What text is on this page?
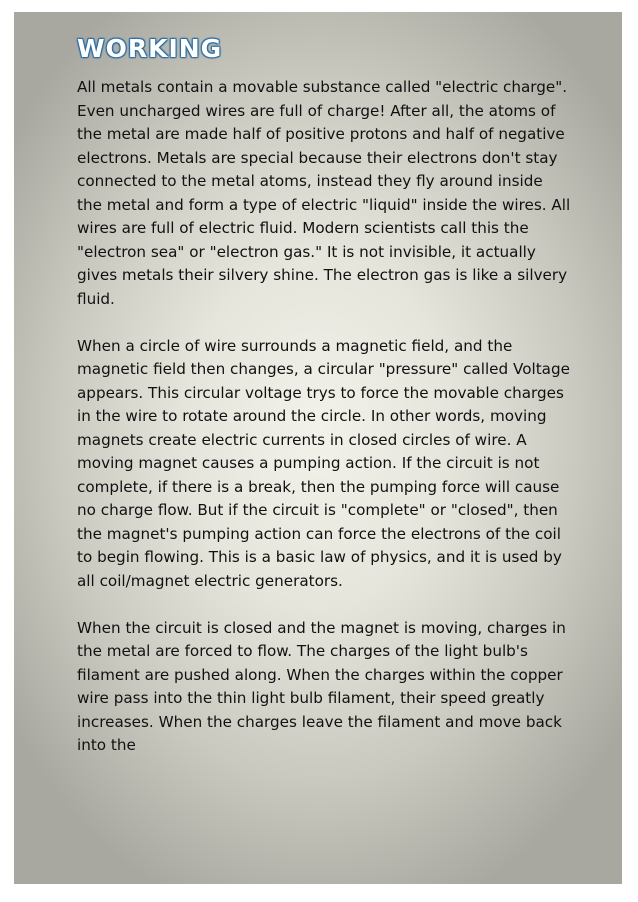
WORKING

All metals contain a movable substance called "electric charge". Even uncharged wires are full of charge! After all, the atoms of the metal are made half of positive protons and half of negative electrons. Metals are special because their electrons don't stay connected to the metal atoms, instead they fly around inside the metal and form a type of electric "liquid" inside the wires. All wires are full of electric fluid. Modern scientists call this the "electron sea" or "electron gas." It is not invisible, it actually gives metals their silvery shine. The electron gas is like a silvery fluid.

When a circle of wire surrounds a magnetic field, and the magnetic field then changes, a circular "pressure" called Voltage appears. This circular voltage trys to force the movable charges in the wire to rotate around the circle. In other words, moving magnets create electric currents in closed circles of wire. A moving magnet causes a pumping action. If the circuit is not complete, if there is a break, then the pumping force will cause no charge flow. But if the circuit is "complete" or "closed", then the magnet's pumping action can force the electrons of the coil to begin flowing. This is a basic law of physics, and it is used by all coil/magnet electric generators.

When the circuit is closed and the magnet is moving, charges in the metal are forced to flow. The charges of the light bulb's filament are pushed along. When the charges within the copper wire pass into the thin light bulb filament, their speed greatly increases. When the charges leave the filament and move back into the
